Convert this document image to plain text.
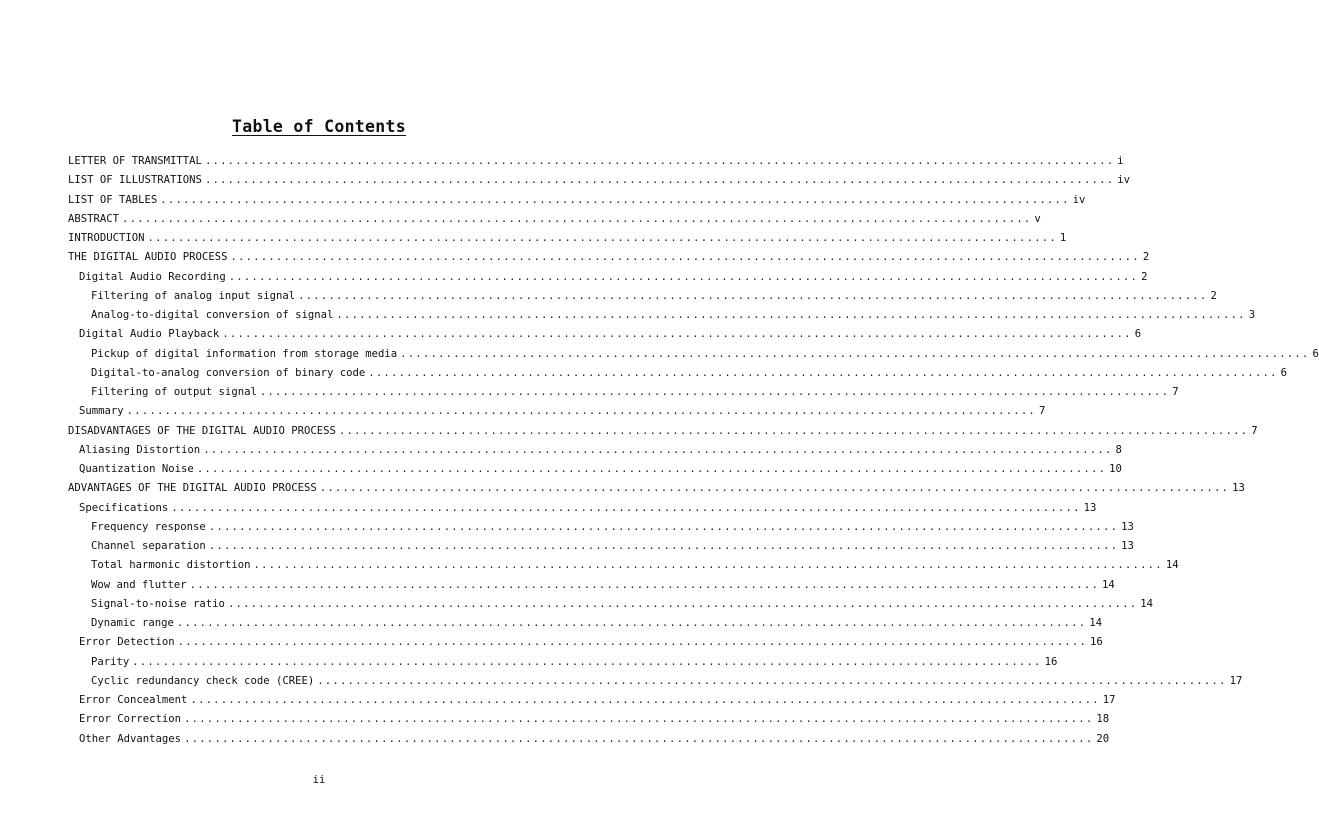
Table of Contents
LETTER OF TRANSMITTAL ........................................................................................................................ i
LIST OF ILLUSTRATIONS ........................................................................................................................ iv
LIST OF TABLES ........................................................................................................................ iv
ABSTRACT ........................................................................................................................ v
INTRODUCTION ........................................................................................................................ 1
THE DIGITAL AUDIO PROCESS ........................................................................................................................ 2
Digital Audio Recording ........................................................................................................................ 2
Filtering of analog input signal ........................................................................................................................ 2
Analog-to-digital conversion of signal ........................................................................................................................ 3
Digital Audio Playback ........................................................................................................................ 6
Pickup of digital information from storage media ........................................................................................................................ 6
Digital-to-analog conversion of binary code ........................................................................................................................ 6
Filtering of output signal ........................................................................................................................ 7
Summary ........................................................................................................................ 7
DISADVANTAGES OF THE DIGITAL AUDIO PROCESS ........................................................................................................................ 7
Aliasing Distortion ........................................................................................................................ 8
Quantization Noise ........................................................................................................................ 10
ADVANTAGES OF THE DIGITAL AUDIO PROCESS ........................................................................................................................ 13
Specifications ........................................................................................................................ 13
Frequency response ........................................................................................................................ 13
Channel separation ........................................................................................................................ 13
Total harmonic distortion ........................................................................................................................ 14
Wow and flutter ........................................................................................................................ 14
Signal-to-noise ratio ........................................................................................................................ 14
Dynamic range ........................................................................................................................ 14
Error Detection ........................................................................................................................ 16
Parity ........................................................................................................................ 16
Cyclic redundancy check code (CREE) ........................................................................................................................ 17
Error Concealment ........................................................................................................................ 17
Error Correction ........................................................................................................................ 18
Other Advantages ........................................................................................................................ 20
ii
